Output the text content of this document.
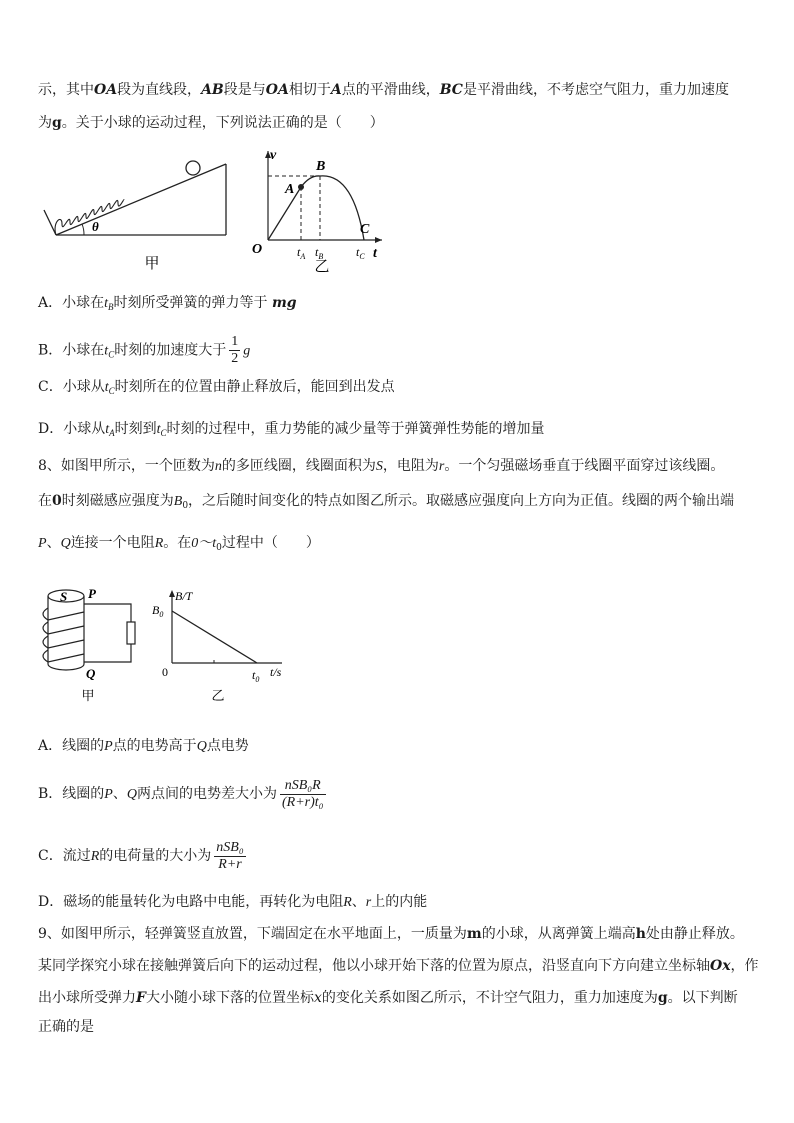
示，其中OA段为直线段，AB段是与OA相切于A点的平滑曲线，BC是平滑曲线，不考虑空气阻力，重力加速度
为g。关于小球的运动过程，下列说法正确的是（　　）
θ
甲
v
t
O
A
B
C
$t_A$ $t_B$	$t_C$
乙
A．小球在$t_B$时刻所受弹簧的弹力等于 mg
B．小球在$t_C$时刻的加速度大于 $\frac{1}{2}$ g
C．小球从$t_C$时刻所在的位置由静止释放后，能回到出发点
D．小球从$t_A$时刻到$t_C$时刻的过程中，重力势能的减少量等于弹簧弹性势能的增加量
8、如图甲所示，一个匝数为n的多匝线圈，线圈面积为S，电阻为r。一个匀强磁场垂直于线圈平面穿过该线圈。
在0时刻磁感应强度为$B_0$，之后随时间变化的特点如图乙所示。取磁感应强度向上方向为正值。线圈的两个输出端
P、Q连接一个电阻R。在$0\sim t_0$过程中（　　）
S P
Q
甲
B/T
$B_0$
0	$t_0$
t/s
乙
A．线圈的P点的电势高于Q点电势
B．线圈的P、Q两点间的电势差大小为 $\frac{\text{nSB₀R}}{\text{(R+r)t₀}}$
C．流过R的电荷量的大小为 $\frac{\text{nSB₀}}{R+r}$
D．磁场的能量转化为电路中电能，再转化为电阻R、r上的内能
9、如图甲所示，轻弹簧竖直放置，下端固定在水平地面上，一质量为m的小球，从离弹簧上端高h处由静止释放。
某同学探究小球在接触弹簧后向下的运动过程，他以小球开始下落的位置为原点，沿竖直向下方向建立坐标轴Ox，作
出小球所受弹力F大小随小球下落的位置坐标x的变化关系如图乙所示，不计空气阻力，重力加速度为g。以下判断
正确的是
